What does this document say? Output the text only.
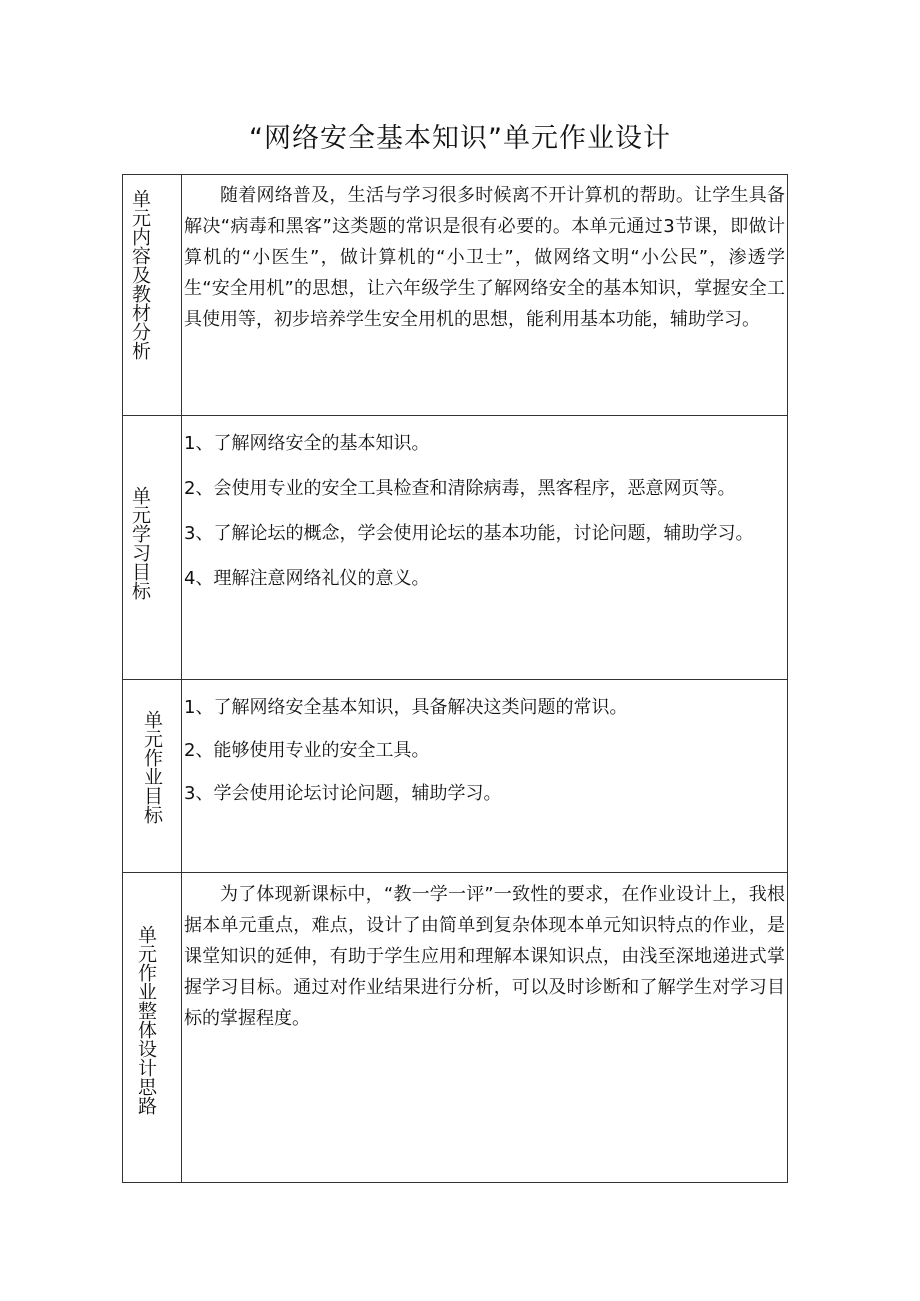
“网络安全基本知识”单元作业设计
单元内容及教材分析	随着网络普及，生活与学习很多时候离不开计算机的帮助。让学生具备解决“病毒和黑客”这类题的常识是很有必要的。本单元通过3节课，即做计算机的“小医生”，做计算机的“小卫士”，做网络文明“小公民”，渗透学生“安全用机”的思想，让六年级学生了解网络安全的基本知识，掌握安全工具使用等，初步培养学生安全用机的思想，能利用基本功能，辅助学习。

单元学习目标	1、了解网络安全的基本知识。

2、会使用专业的安全工具检查和清除病毒，黑客程序，恶意网页等。

3、了解论坛的概念，学会使用论坛的基本功能，讨论问题，辅助学习。

4、理解注意网络礼仪的意义。

单元作业目标	1、了解网络安全基本知识，具备解决这类问题的常识。

2、能够使用专业的安全工具。

3、学会使用论坛讨论问题，辅助学习。

单元作业整体设计思路	为了体现新课标中，“教一学一评”一致性的要求，在作业设计上，我根据本单元重点，难点，设计了由简单到复杂体现本单元知识特点的作业，是课堂知识的延伸，有助于学生应用和理解本课知识点，由浅至深地递进式掌握学习目标。通过对作业结果进行分析，可以及时诊断和了解学生对学习目标的掌握程度。
